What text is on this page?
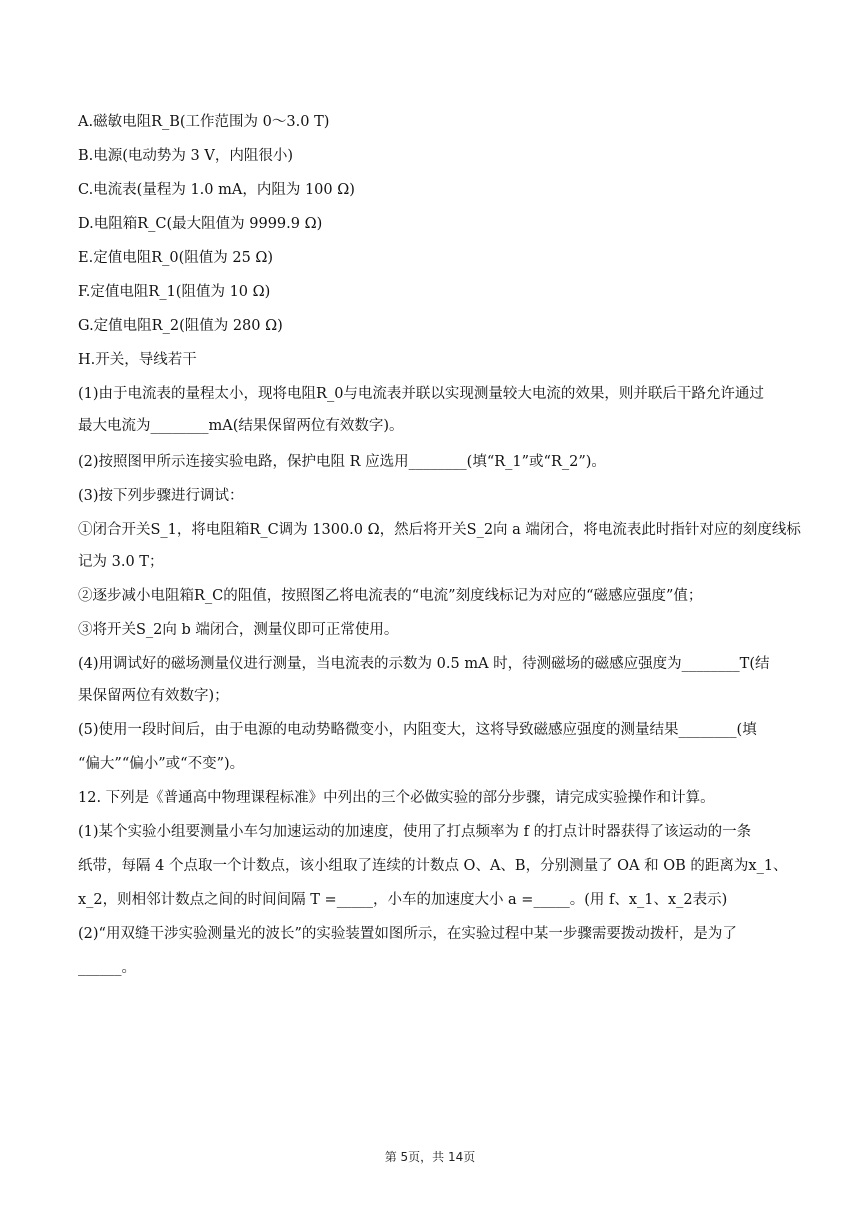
A.磁敏电阻R_B(工作范围为 0～3.0 T)
B.电源(电动势为 3 V，内阻很小)
C.电流表(量程为 1.0 mA，内阻为 100 Ω)
D.电阻箱R_C(最大阻值为 9999.9 Ω)
E.定值电阻R_0(阻值为 25 Ω)
F.定值电阻R_1(阻值为 10 Ω)
G.定值电阻R_2(阻值为 280 Ω)
H.开关，导线若干
(1)由于电流表的量程太小，现将电阻R_0与电流表并联以实现测量较大电流的效果，则并联后干路允许通过
最大电流为________mA(结果保留两位有效数字)。
(2)按照图甲所示连接实验电路，保护电阻 R 应选用________(填“R_1”或“R_2”)。
(3)按下列步骤进行调试：
①闭合开关S_1，将电阻箱R_C调为 1300.0 Ω，然后将开关S_2向 a 端闭合，将电流表此时指针对应的刻度线标
记为 3.0 T；
②逐步减小电阻箱R_C的阻值，按照图乙将电流表的“电流”刻度线标记为对应的“磁感应强度”值；
③将开关S_2向 b 端闭合，测量仪即可正常使用。
(4)用调试好的磁场测量仪进行测量，当电流表的示数为 0.5 mA 时，待测磁场的磁感应强度为________T(结
果保留两位有效数字)；
(5)使用一段时间后，由于电源的电动势略微变小，内阻变大，这将导致磁感应强度的测量结果________(填
“偏大”“偏小”或“不变”)。
12. 下列是《普通高中物理课程标准》中列出的三个必做实验的部分步骤，请完成实验操作和计算。
(1)某个实验小组要测量小车匀加速运动的加速度，使用了打点频率为 f 的打点计时器获得了该运动的一条
纸带，每隔 4 个点取一个计数点，该小组取了连续的计数点 O、A、B，分别测量了 OA 和 OB 的距离为x_1、
x_2，则相邻计数点之间的时间间隔 T =_____，小车的加速度大小 a =_____。(用 f、x_1、x_2表示)
(2)“用双缝干涉实验测量光的波长”的实验装置如图所示，在实验过程中某一步骤需要拨动拨杆，是为了
______。
第 5页，共 14页
